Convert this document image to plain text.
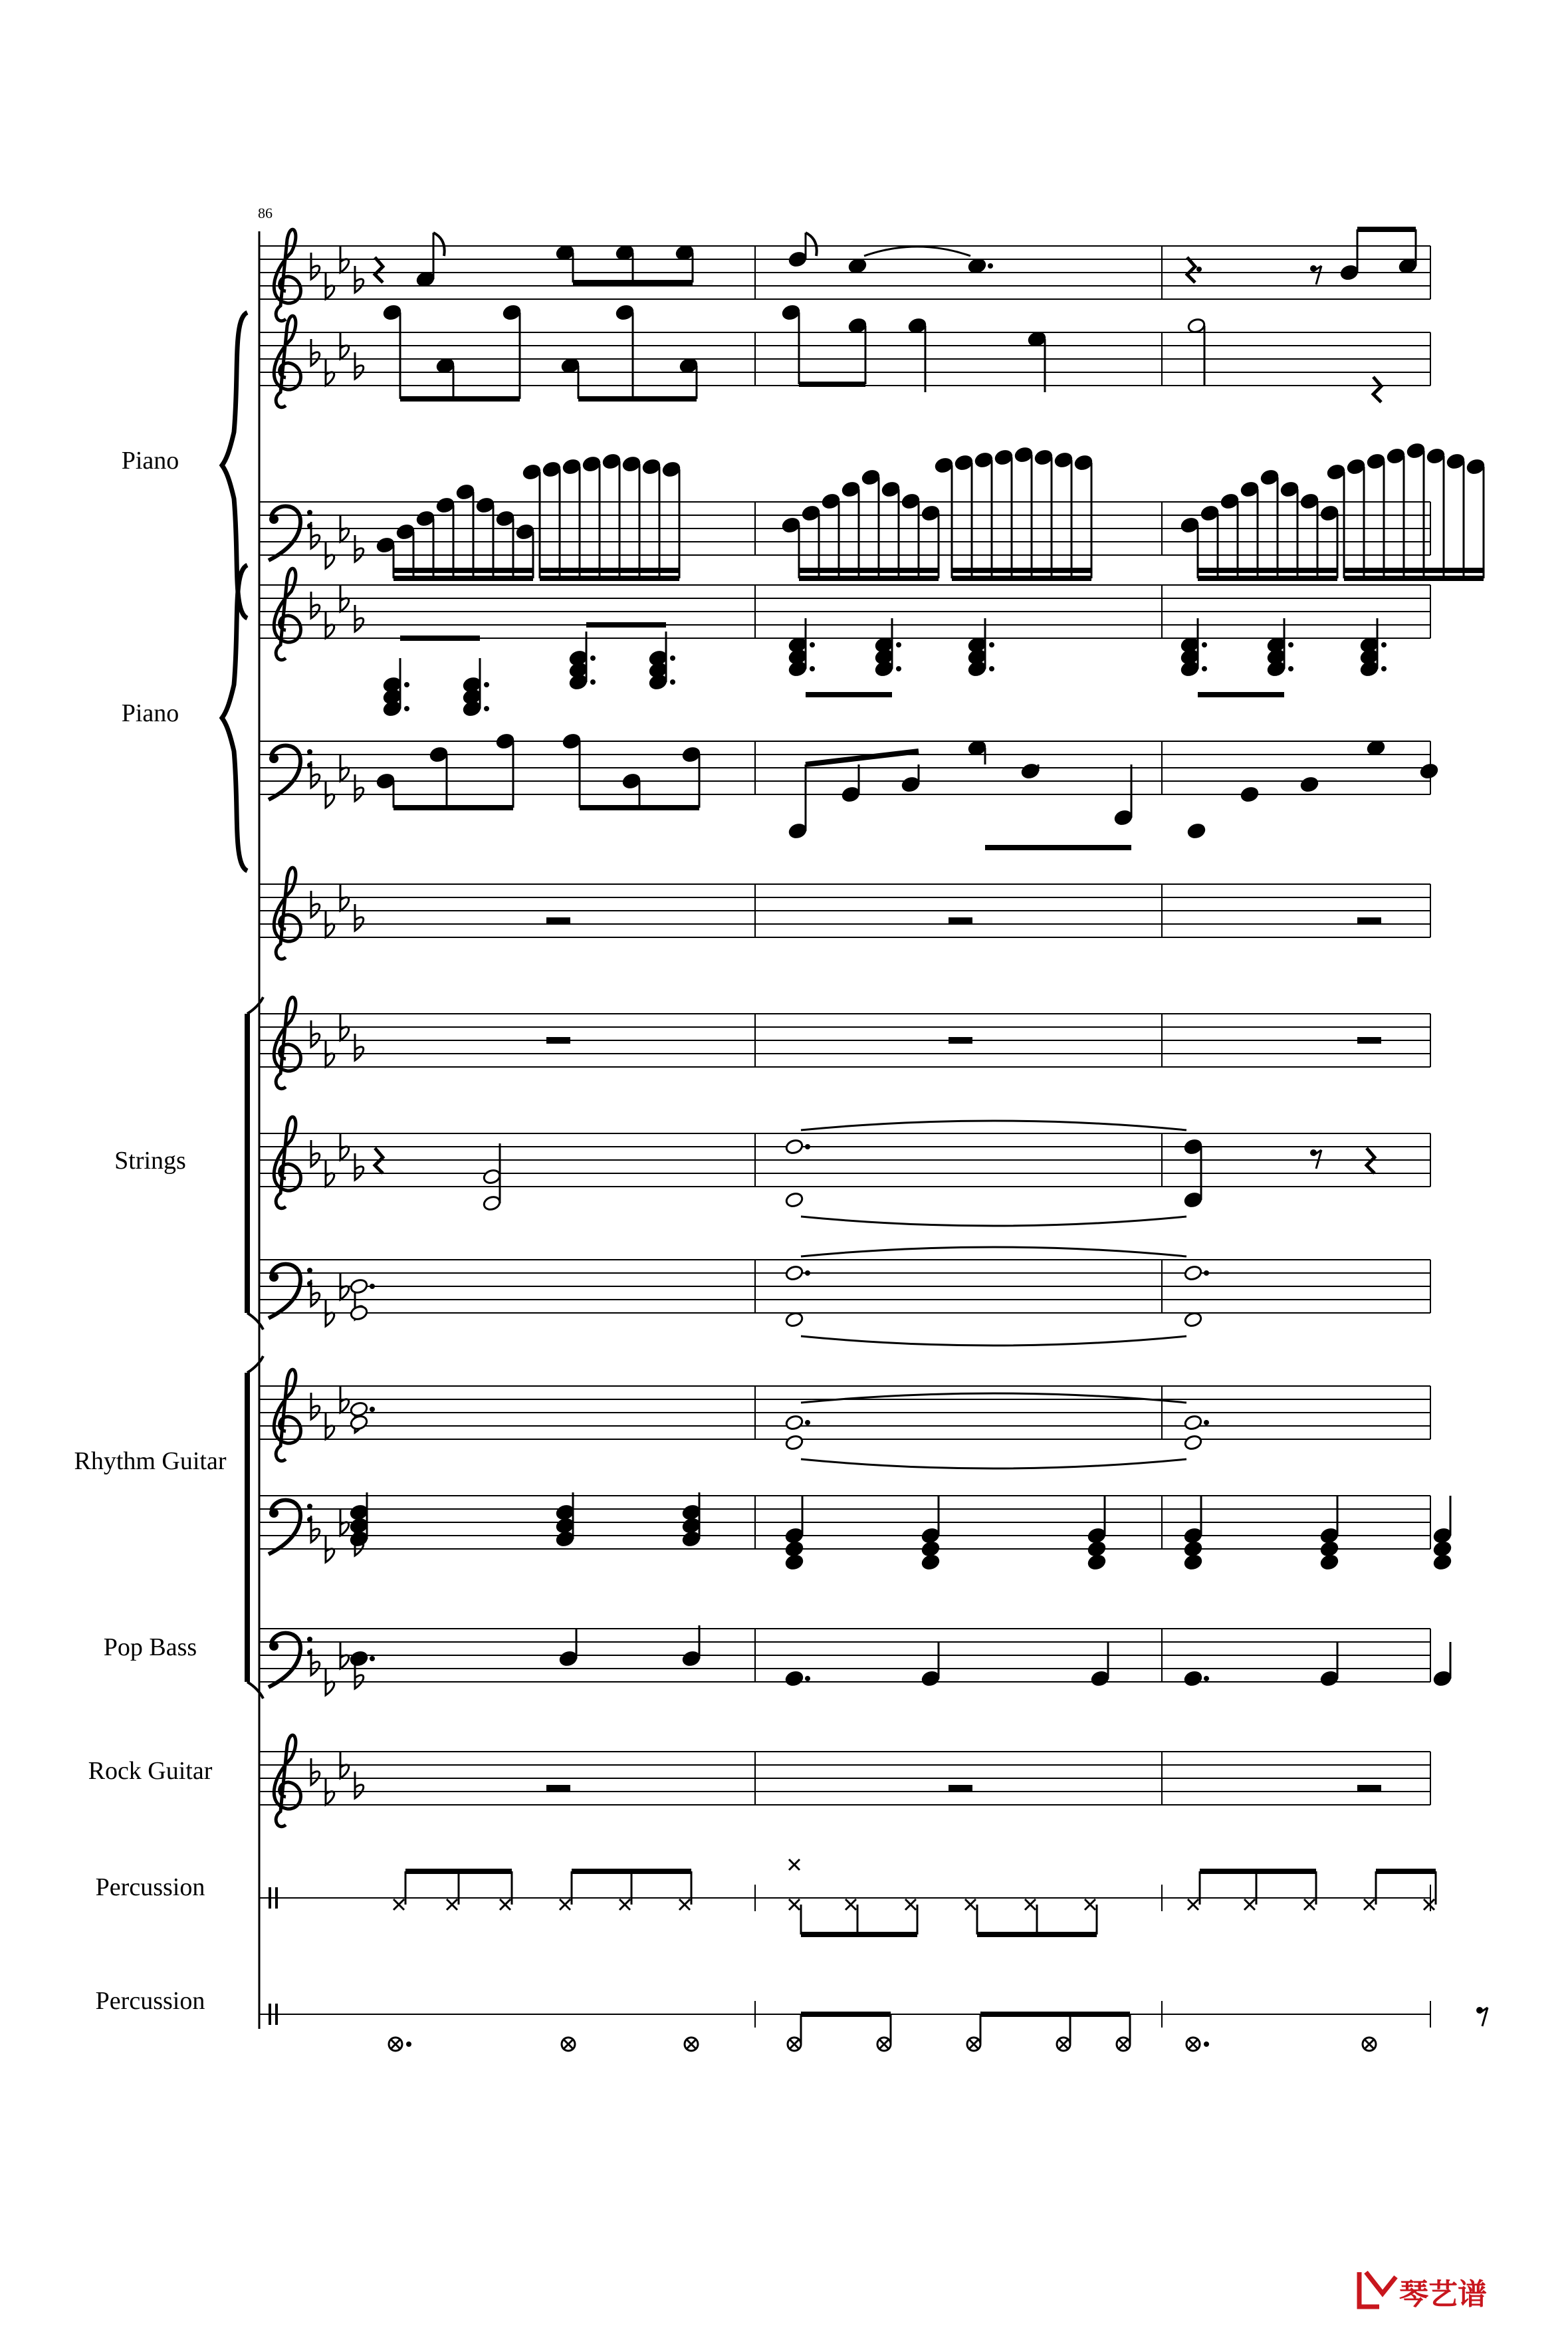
86
Piano
Piano
Strings
Rhythm Guitar
Pop Bass
Rock Guitar
Percussion
Percussion
琴艺谱
